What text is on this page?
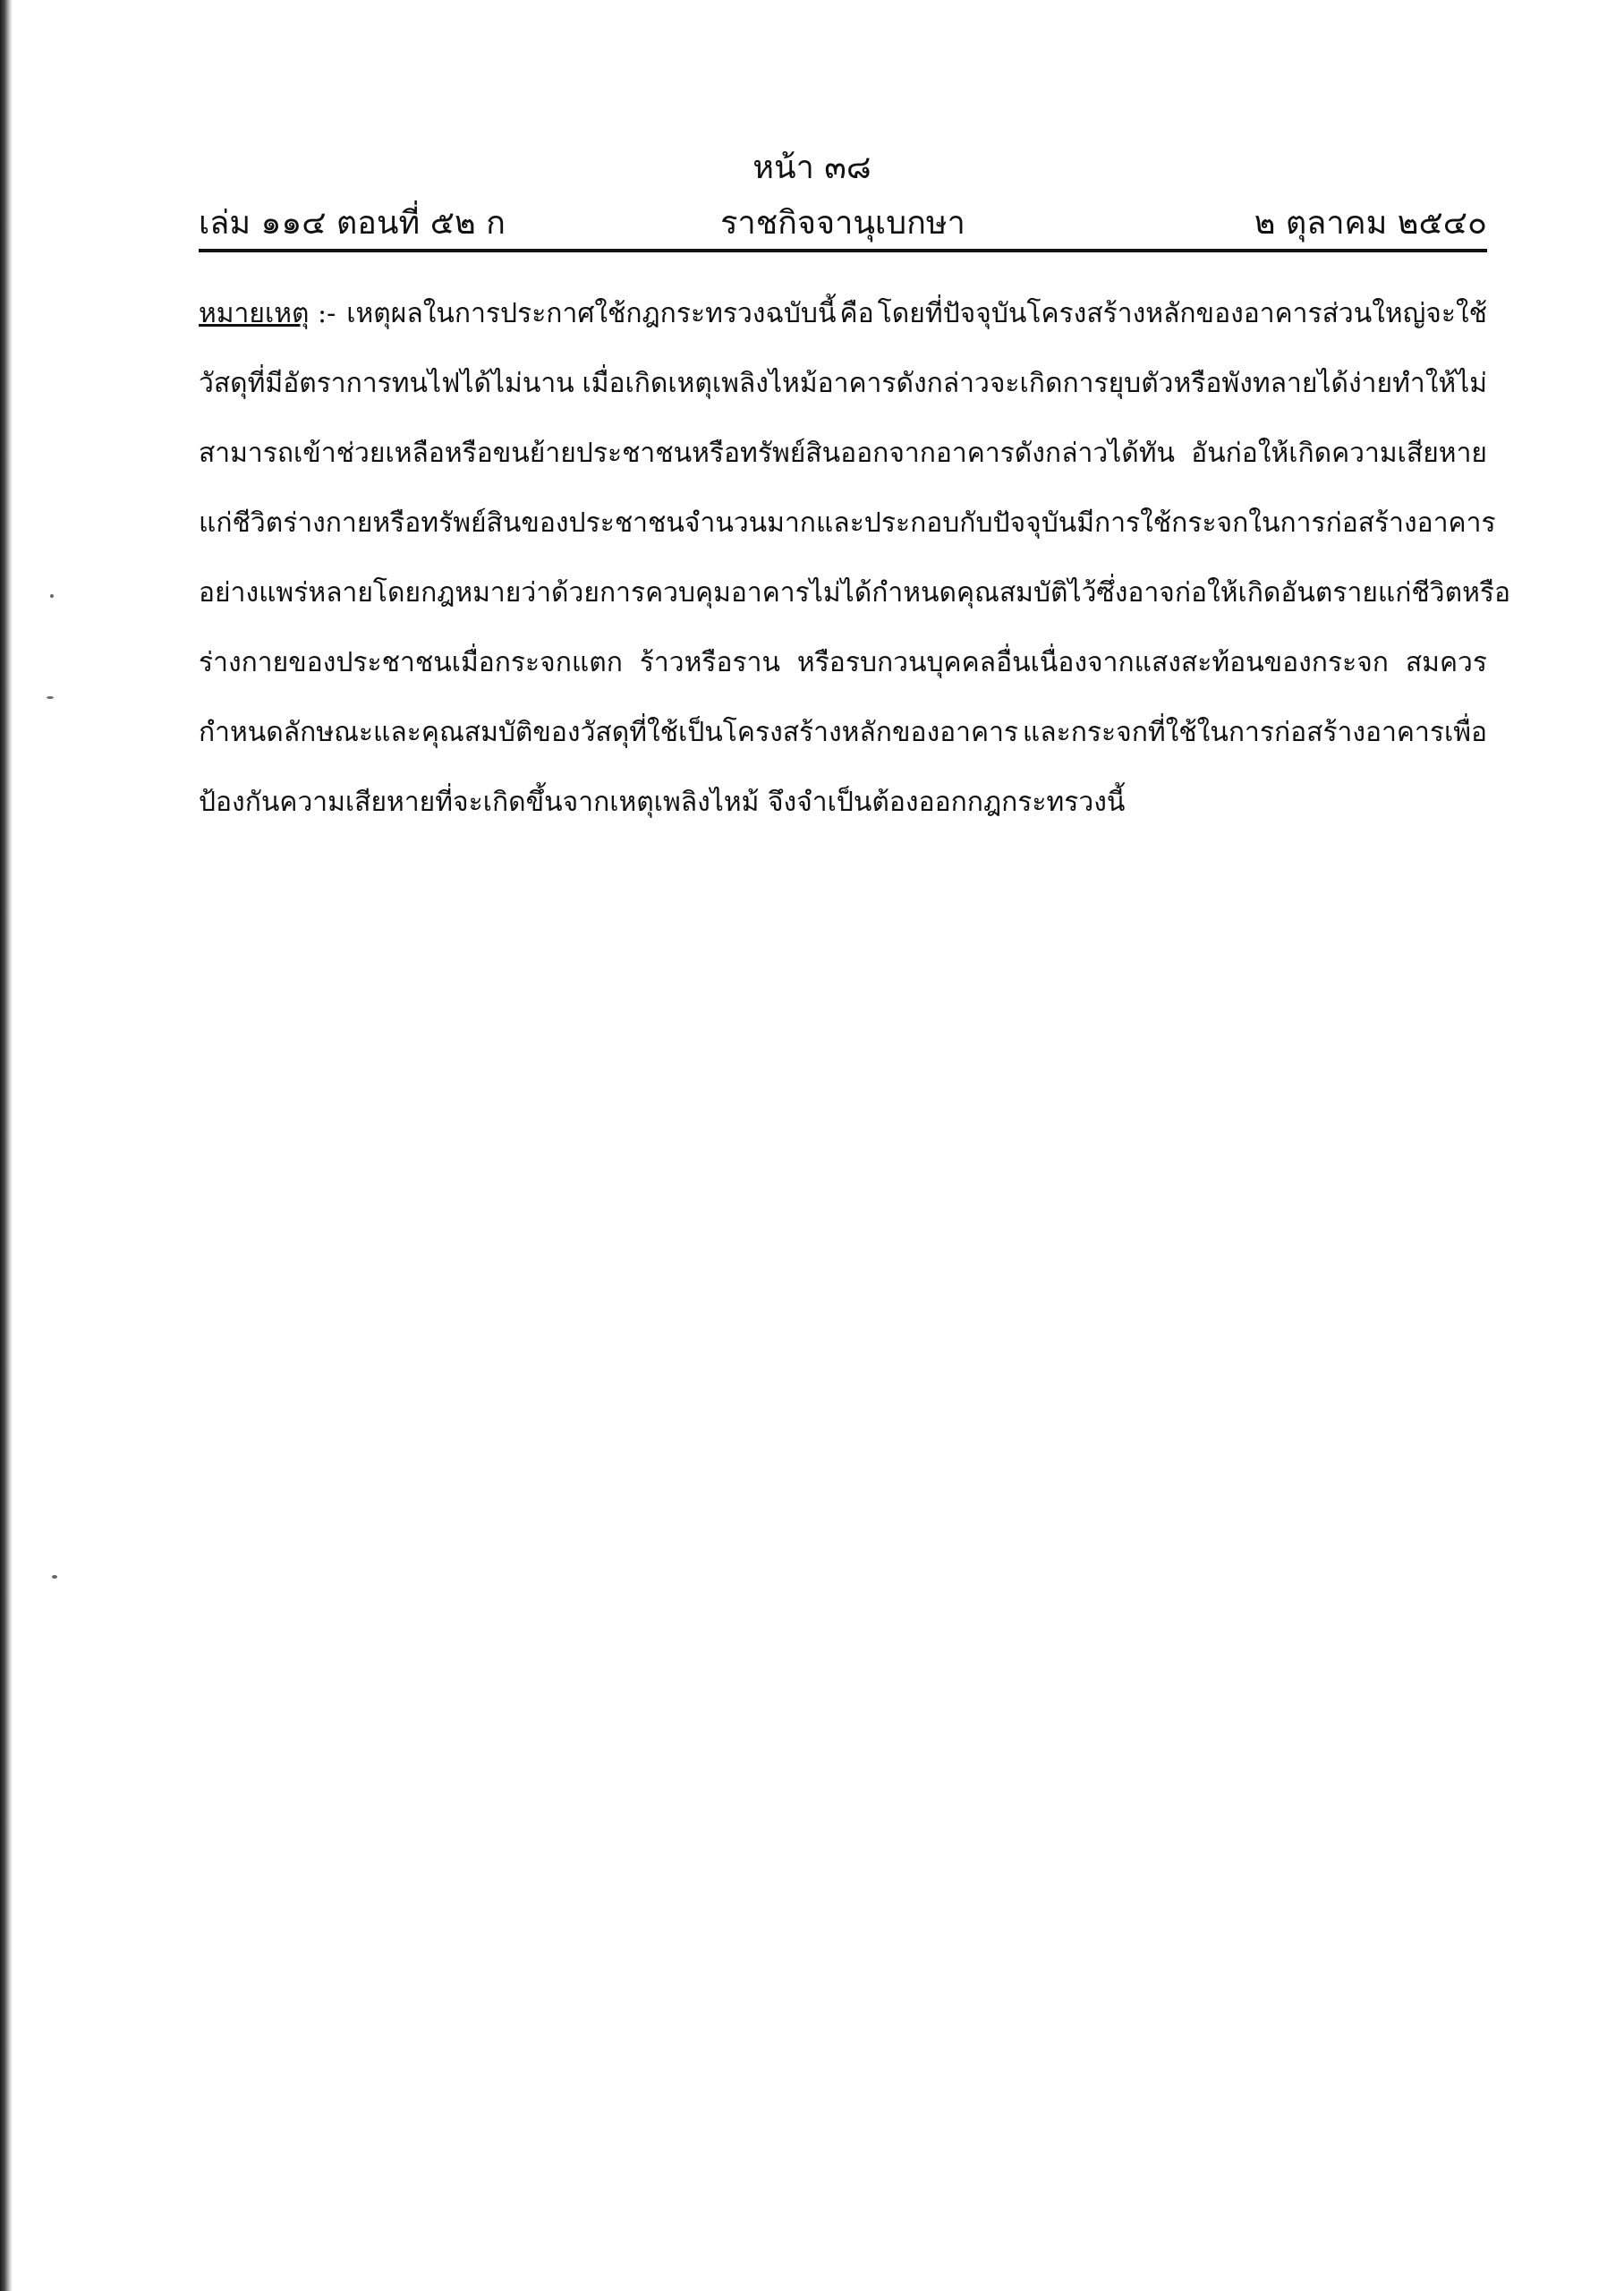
หน้า ๓๘
เล่ม ๑๑๔ ตอนที่ ๕๒ ก	ราชกิจจานุเบกษา	๒ ตุลาคม ๒๕๔๐
หมายเหตุ :- เหตุผลในการประกาศใช้กฎกระทรวงฉบับนี้ คือ โดยที่ปัจจุบันโครงสร้างหลักของอาคารส่วนใหญ่จะใช้
วัสดุที่มีอัตราการทนไฟได้ไม่นาน เมื่อเกิดเหตุเพลิงไหม้อาคารดังกล่าวจะเกิดการยุบตัวหรือพังทลายได้ง่ายทำให้ไม่
สามารถเข้าช่วยเหลือหรือขนย้ายประชาชนหรือทรัพย์สินออกจากอาคารดังกล่าวได้ทัน อันก่อให้เกิดความเสียหาย
แก่ชีวิต ร่างกาย หรือทรัพย์สินของประชาชนจำนวนมาก และประกอบกับปัจจุบันมีการใช้กระจกในการก่อสร้างอาคาร
อย่างแพร่หลายโดยกฎหมายว่าด้วยการควบคุมอาคารไม่ได้กำหนดคุณสมบัติไว้ ซึ่งอาจก่อให้เกิดอันตรายแก่ชีวิตหรือ
ร่างกายของประชาชนเมื่อกระจกแตก ร้าวหรือราน หรือรบกวนบุคคลอื่นเนื่องจากแสงสะท้อนของกระจก สมควร
กำหนดลักษณะและคุณสมบัติของวัสดุที่ใช้เป็นโครงสร้างหลักของอาคาร และกระจกที่ใช้ในการก่อสร้างอาคารเพื่อ
ป้องกันความเสียหายที่จะเกิดขึ้นจากเหตุเพลิงไหม้ จึงจำเป็นต้องออกกฎกระทรวงนี้
